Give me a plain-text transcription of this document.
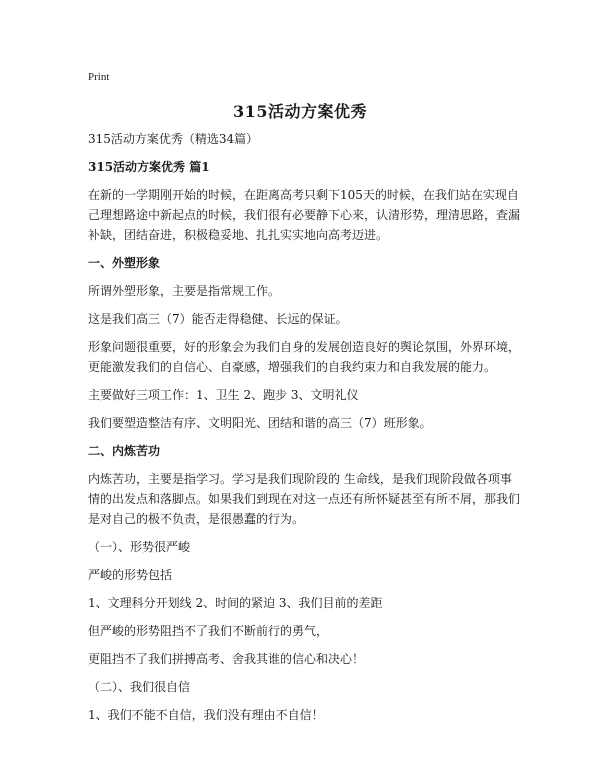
Print
315活动方案优秀
315活动方案优秀（精选34篇）
315活动方案优秀 篇1
在新的一学期刚开始的时候，在距离高考只剩下105天的时候，在我们站在实现自
己理想路途中新起点的时候，我们很有必要静下心来，认清形势，理清思路，查漏
补缺，团结奋进，积极稳妥地、扎扎实实地向高考迈进。
一、外塑形象
所谓外塑形象，主要是指常规工作。
这是我们高三（7）能否走得稳健、长远的保证。
形象问题很重要，好的形象会为我们自身的发展创造良好的舆论氛围，外界环境，
更能激发我们的自信心、自豪感，增强我们的自我约束力和自我发展的能力。
主要做好三项工作：1、卫生 2、跑步 3、文明礼仪
我们要塑造整洁有序、文明阳光、团结和谐的高三（7）班形象。
二、内炼苦功
内炼苦功，主要是指学习。学习是我们现阶段的 生命线，是我们现阶段做各项事
情的出发点和落脚点。如果我们到现在对这一点还有所怀疑甚至有所不屑，那我们
是对自己的极不负责，是很愚蠢的行为。
（一）、形势很严峻
严峻的形势包括
1、文理科分开划线 2、时间的紧迫 3、我们目前的差距
但严峻的形势阻挡不了我们不断前行的勇气，
更阻挡不了我们拼搏高考、舍我其谁的信心和决心！
（二）、我们很自信
1、我们不能不自信，我们没有理由不自信！
